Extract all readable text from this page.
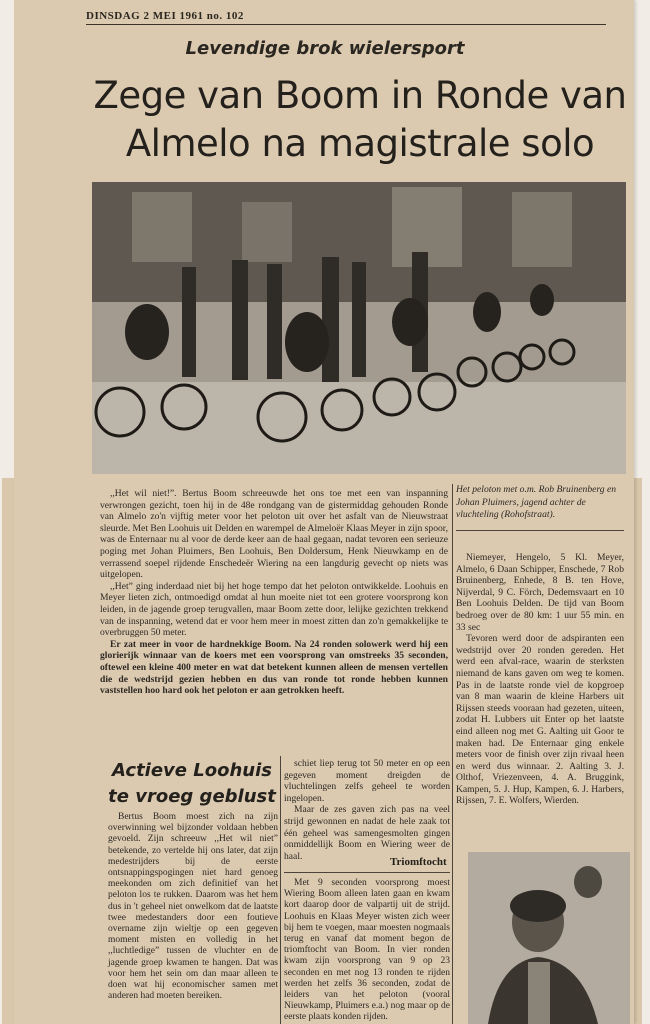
DINSDAG 2 MEI 1961 no. 102
Levendige brok wielersport
Zege van Boom in Ronde van Almelo na magistrale solo

,,Het wil niet!”. Bertus Boom schreeuwde het ons toe met een van inspanning verwrongen gezicht, toen hij in de 48e rondgang van de gistermiddag gehouden Ronde van Almelo zo'n vijftig meter voor het peloton uit over het asfalt van de Nieuwstraat sleurde. Met Ben Loohuis uit Delden en warempel de Almeloër Klaas Meyer in zijn spoor, was de Enternaar nu al voor de derde keer aan de haal gegaan, nadat tevoren een serieuze poging met Johan Pluimers, Ben Loohuis, Ben Doldersum, Henk Nieuwkamp en de verrassend soepel rijdende Enschedeër Wiering na een langdurig gevecht op niets was uitgelopen.

,,Het” ging inderdaad niet bij het hoge tempo dat het peloton ontwikkelde. Loohuis en Meyer lieten zich, ontmoedigd omdat al hun moeite niet tot een grotere voorsprong kon leiden, in de jagende groep terugvallen, maar Boom zette door, lelijke gezichten trekkend van de inspanning, wetend dat er voor hem meer in moest zitten dan zo'n gemakkelijke te overbruggen 50 meter.

Er zat meer in voor de hardnekkige Boom. Na 24 ronden solowerk werd hij een glorierijk winnaar van de koers met een voorsprong van omstreeks 35 seconden, oftewel een kleine 400 meter en wat dat betekent kunnen alleen de mensen vertellen die de wedstrijd gezien hebben en dus van ronde tot ronde hebben kunnen vaststellen hoo hard ook het peloton er aan getrokken heeft.

Het peloton met o.m. Rob Bruinenberg en Johan Pluimers, jagend achter de vluchteling (Rohofstraat).

Niemeyer, Hengelo, 5 Kl. Meyer, Almelo, 6 Daan Schipper, Enschede, 7 Rob Bruinenberg, Enhede, 8 B. ten Hove, Nijverdal, 9 C. Förch, Dedemsvaart en 10 Ben Loohuis Delden. De tijd van Boom bedroeg over de 80 km: 1 uur 55 min. en 33 sec

Tevoren werd door de adspiranten een wedstrijd over 20 ronden gereden. Het werd een afval-race, waarin de sterksten niemand de kans gaven om weg te komen. Pas in de laatste ronde viel de kopgroep van 8 man waarin de kleine Harbers uit Rijssen steeds vooraan had gezeten, uiteen, zodat H. Lubbers uit Enter op het laatste eind alleen nog met G. Aalting uit Goor te maken had. De Enternaar ging enkele meters voor de finish over zijn rivaal heen en werd dus winnaar. 2. Aalting 3. J. Olthof, Vriezenveen, 4. A. Bruggink, Kampen, 5. J. Hup, Kampen, 6. J. Harbers, Rijssen, 7. E. Wolfers, Wierden.

Actieve Loohuis te vroeg geblust

schiet liep terug tot 50 meter en op een gegeven moment dreigden de vluchtelingen zelfs geheel te worden ingelopen.

Maar de zes gaven zich pas na veel strijd gewonnen en nadat de hele zaak tot één geheel was samengesmolten gingen onmiddellijk Boom en Wiering weer de haal.	Triomftocht

Bertus Boom moest zich na zijn overwinning wel bijzonder voldaan hebben gevoeld. Zijn schreeuw ,,Het wil niet” betekende, zo vertelde hij ons later, dat zijn medestrijders bij de eerste ontsnappingspogingen niet hard genoeg meekonden om zich definitief van het peloton los te rukken. Daarom was het hem dus in 't geheel niet onwelkom dat de laatste twee medestanders door een foutieve overname zijn wieltje op een gegeven moment misten en volledig in het ,,luchtledige” tussen de vluchter en de jagende groep kwamen te hangen. Dat was voor hem het sein om dan maar alleen te doen wat hij economischer samen met anderen had moeten bereiken.

Met 9 seconden voorsprong moest Wiering Boom alleen laten gaan en kwam kort daarop door de valpartij uit de strijd. Loohuis en Klaas Meyer wisten zich weer bij hem te voegen, maar moesten nogmaals terug en vanaf dat moment begon de triomftocht van Boom. In vier ronden kwam zijn voorsprong van 9 op 23 seconden en met nog 13 ronden te rijden werden het zelfs 36 seconden, zodat de leiders van het peloton (vooral Nieuwkamp, Pluimers e.a.) nog maar op de eerste plaats konden rijden.
